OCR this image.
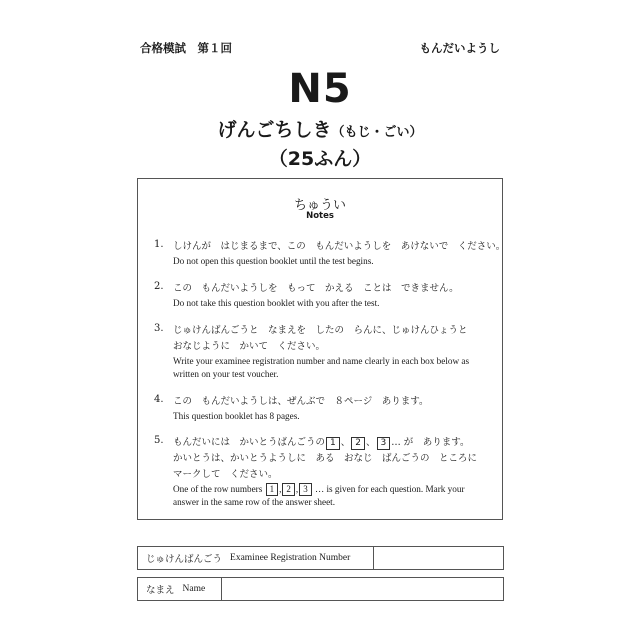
合格模試　第１回	もんだいようし
N5
げんごちしき（もじ・ごい）
（25ふん）
ちゅうい
Notes
1. しけんが　はじまるまで、この　もんだいようしを　あけないで　ください。
Do not open this question booklet until the test begins.
2. この　もんだいようしを　もって　かえる　ことは　できません。
Do not take this question booklet with you after the test.
3. じゅけんばんごうと　なまえを　したの　らんに、じゅけんひょうと
おなじように　かいて　ください。
Write your examinee registration number and name clearly in each box below as written on your test voucher.
4. この　もんだいようしは、ぜんぶで　８ページ　あります。
This question booklet has 8 pages.
5. もんだいには　かいとうばんごうの 1 、 2 、 3 … が　あります。
かいとうは、かいとうようしに　ある　おなじ　ばんごうの　ところに
マークして　ください。
One of the row numbers 1 , 2 , 3 … is given for each question. Mark your answer in the same row of the answer sheet.
じゅけんばんごう Examinee Registration Number
なまえ Name
